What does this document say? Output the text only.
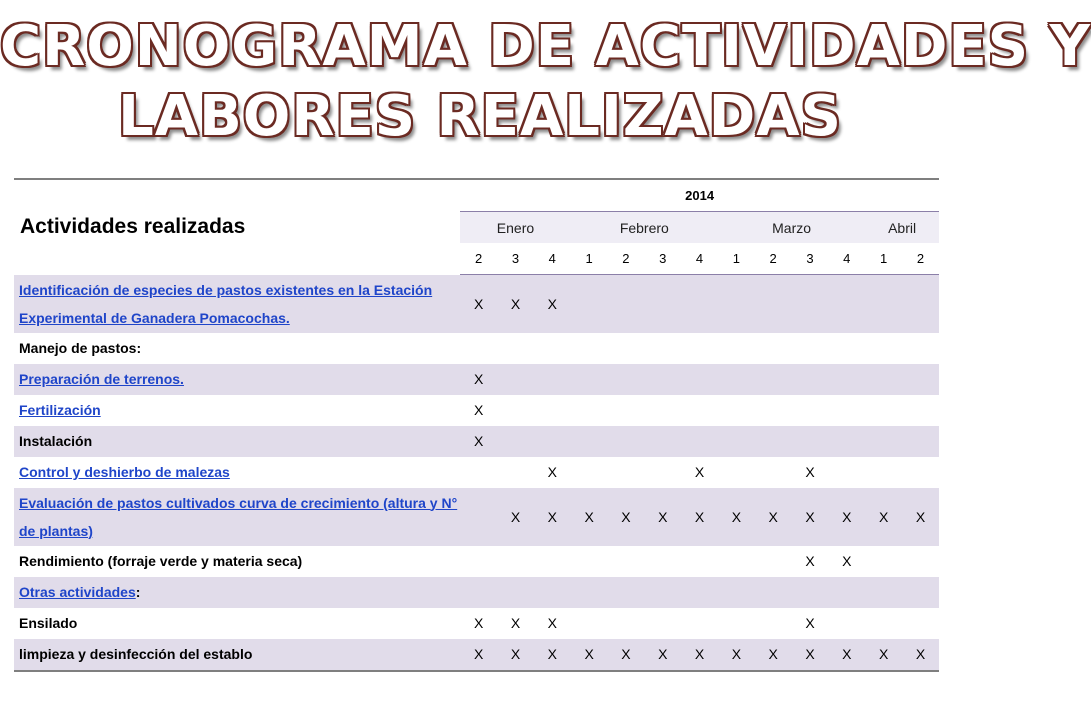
CRONOGRAMA DE ACTIVIDADES Y
LABORES REALIZADAS
Actividades realizadas	2014												
	Enero			Febrero				Marzo				Abril	
	2	3	4	1	2	3	4	1	2	3	4	1	2
Identificación de especies de pastos existentes en la Estación Experimental de Ganadera Pomacochas.	X	X	X										
Manejo de pastos:													
Preparación de terrenos.	X												
Fertilización	X												
Instalación	X												
Control y deshierbo de malezas			X				X			X			
Evaluación de pastos cultivados curva de crecimiento (altura y N° de plantas)		X	X	X	X	X	X	X	X	X	X	X	X
Rendimiento (forraje verde y materia seca)										X	X		
Otras actividades:													
Ensilado	X	X	X							X			
limpieza y desinfección del establo	X	X	X	X	X	X	X	X	X	X	X	X	X
